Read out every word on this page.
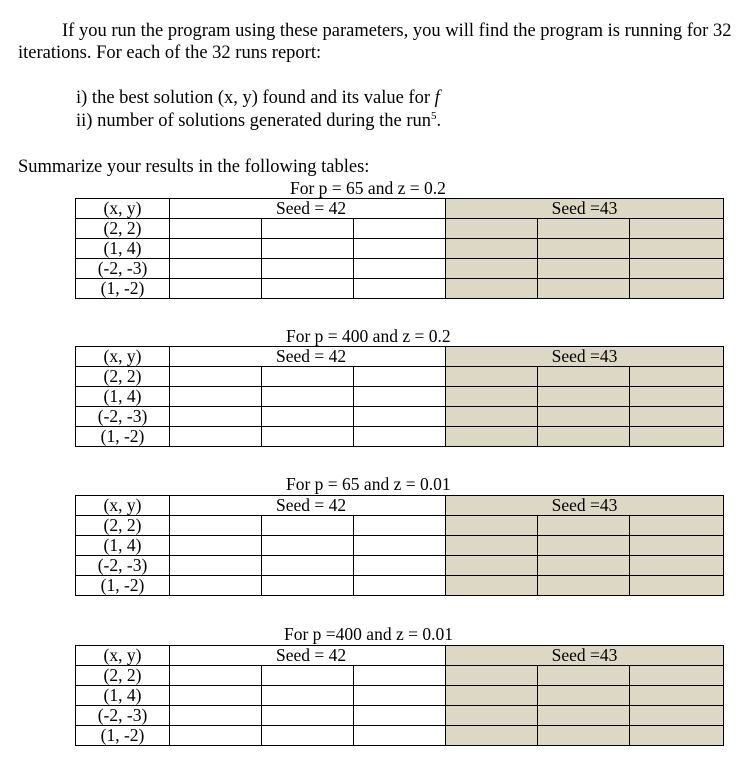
If you run the program using these parameters, you will find the program is running for 32 iterations. For each of the 32 runs report:
i) the best solution (x, y) found and its value for f
ii) number of solutions generated during the run$^5$.
Summarize your results in the following tables:
For p = 65 and z = 0.2
(x, y)	Seed = 42			Seed =43		
(2, 2)						
(1, 4)						
(-2, -3)						
(1, -2)						
For p = 400 and z = 0.2
(x, y)	Seed = 42			Seed =43		
(2, 2)						
(1, 4)						
(-2, -3)						
(1, -2)						
For p = 65 and z = 0.01
(x, y)	Seed = 42			Seed =43		
(2, 2)						
(1, 4)						
(-2, -3)						
(1, -2)						
For p =400 and z = 0.01
(x, y)	Seed = 42			Seed =43		
(2, 2)						
(1, 4)						
(-2, -3)						
(1, -2)						
